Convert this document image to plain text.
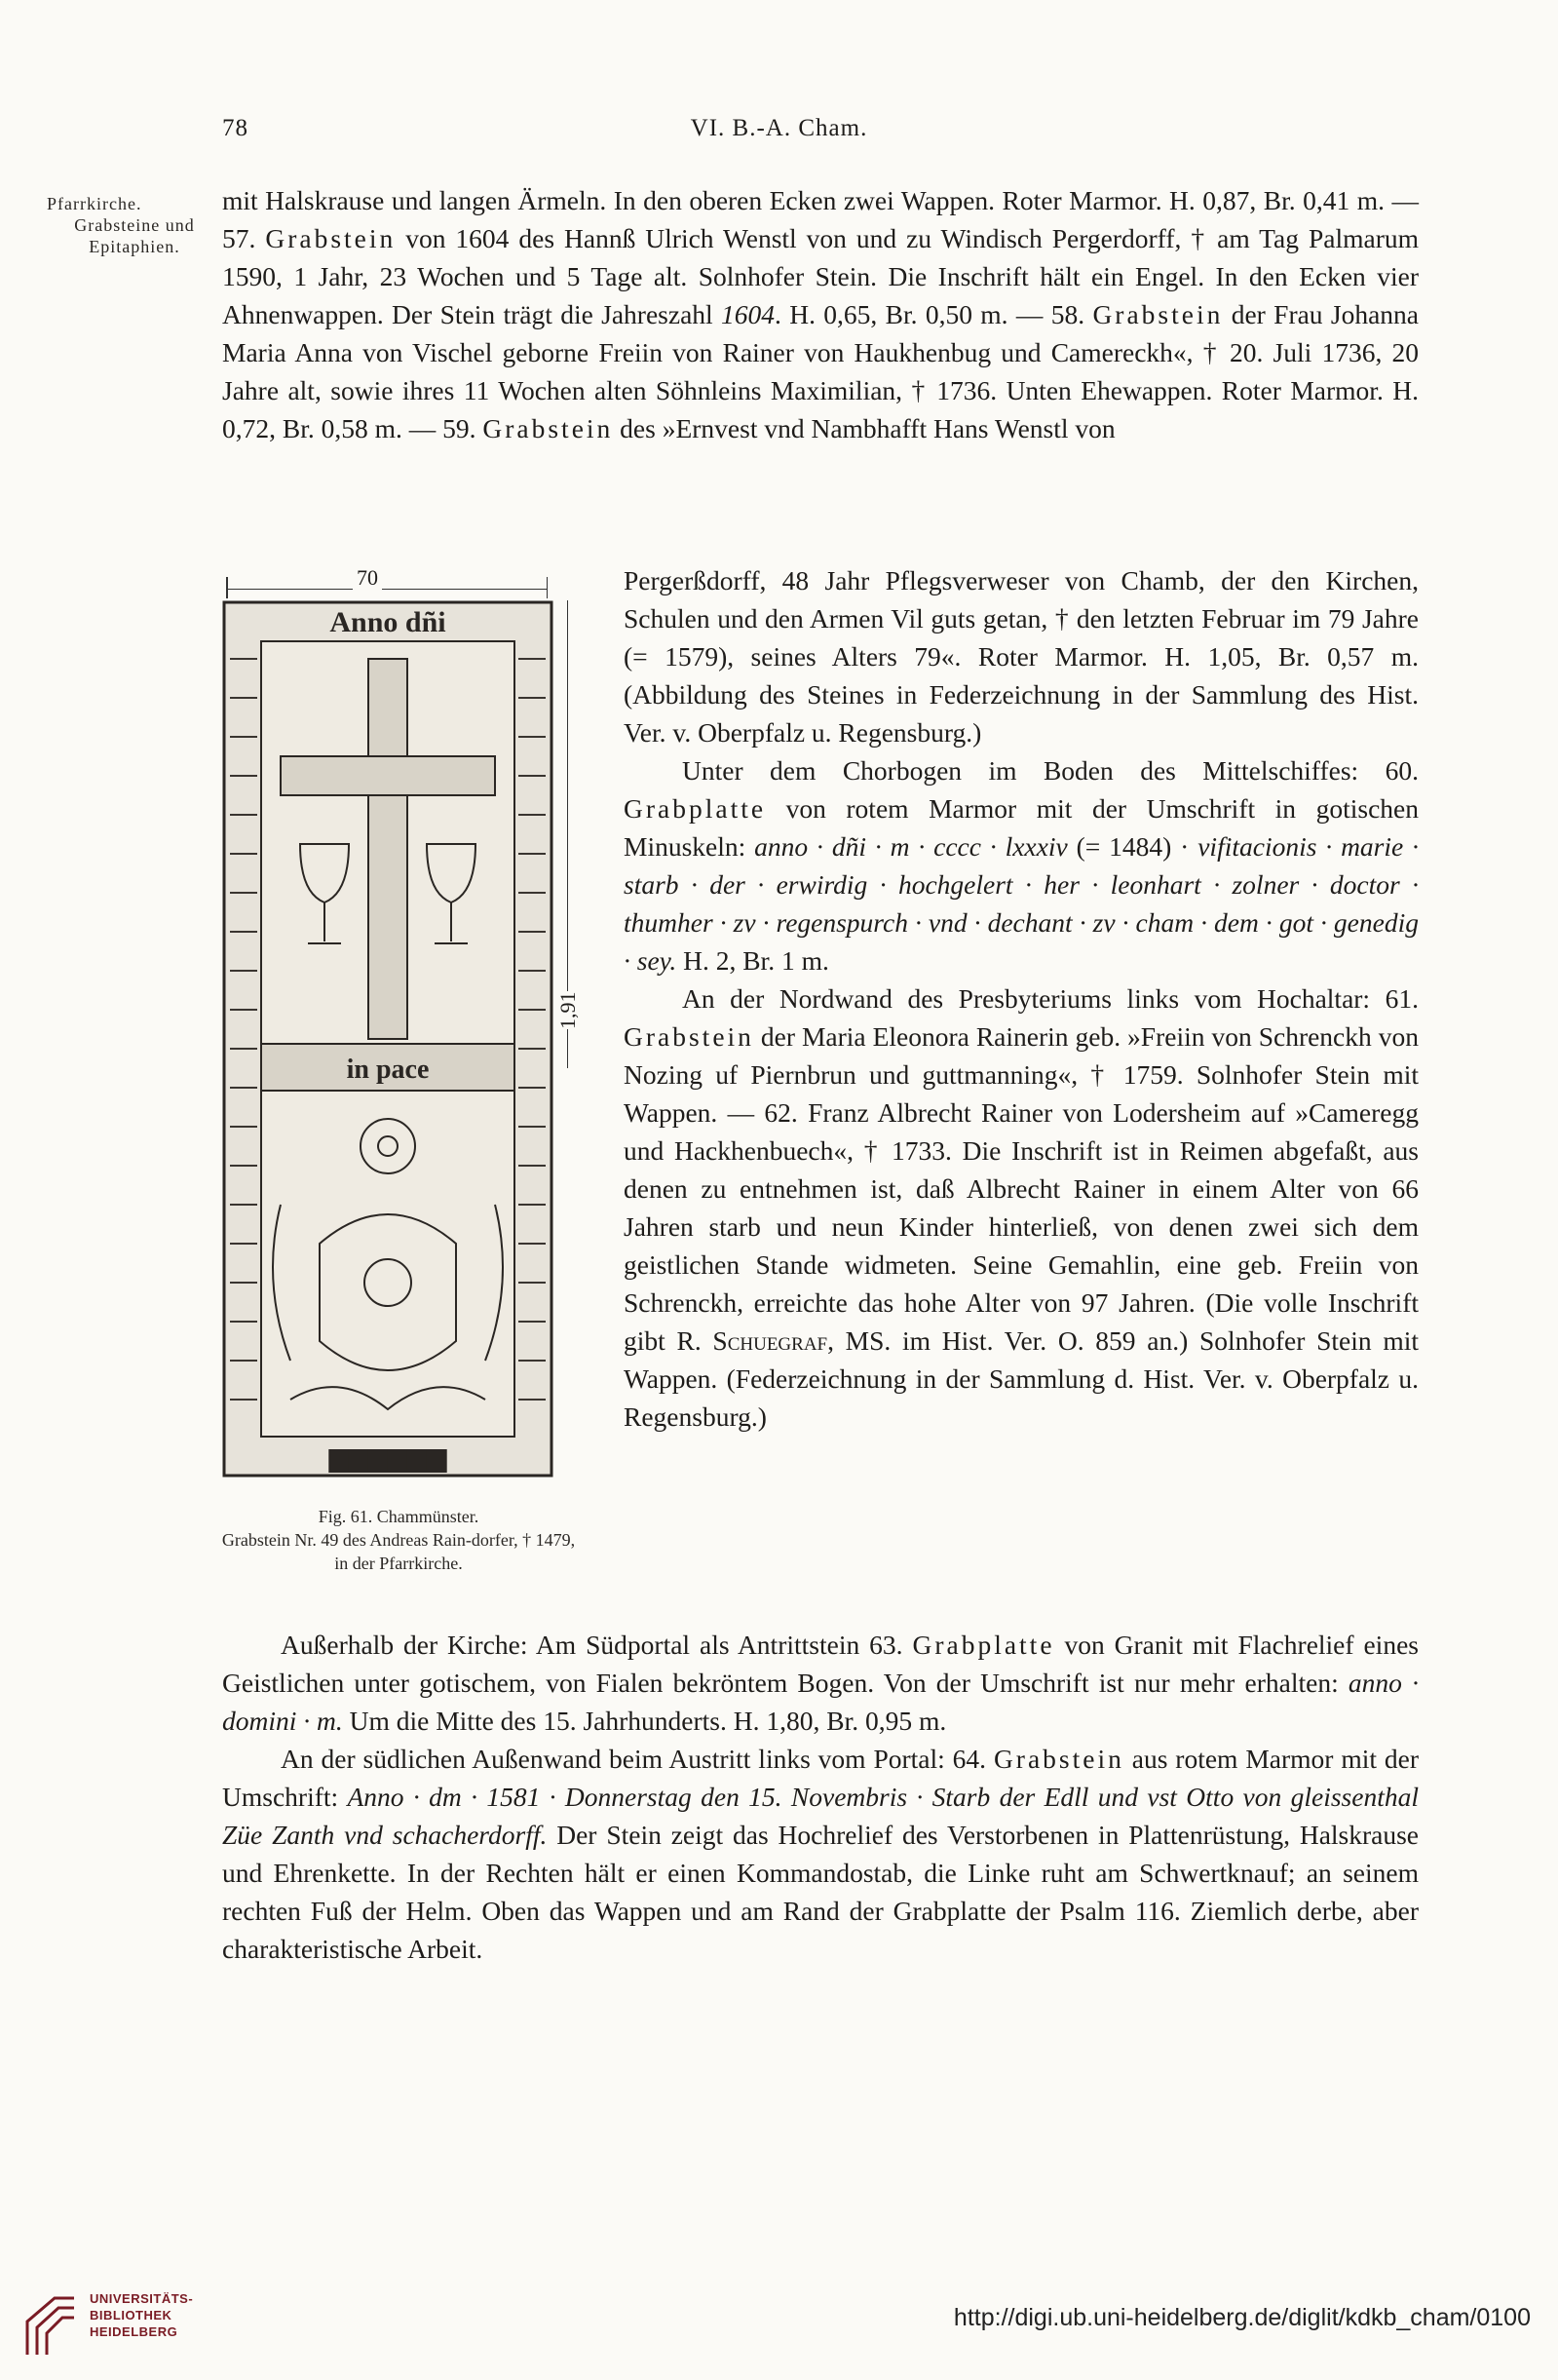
78	VI. B.-A. Cham.
Pfarrkirche.
Grabsteine und Epitaphien.

mit Halskrause und langen Ärmeln. In den oberen Ecken zwei Wappen. Roter Marmor. H. 0,87, Br. 0,41 m. — 57. Grabstein von 1604 des Hannß Ulrich Wenstl von und zu Windisch Pergerdorff, † am Tag Palmarum 1590, 1 Jahr, 23 Wochen und 5 Tage alt. Solnhofer Stein. Die Inschrift hält ein Engel. In den Ecken vier Ahnenwappen. Der Stein trägt die Jahreszahl 1604. H. 0,65, Br. 0,50 m. — 58. Grabstein der Frau Johanna Maria Anna von Vischel geborne Freiin von Rainer von Haukhenbug und Camereckh«, † 20. Juli 1736, 20 Jahre alt, sowie ihres 11 Wochen alten Söhnleins Maximilian, † 1736. Unten Ehewappen. Roter Marmor. H. 0,72, Br. 0,58 m. — 59. Grabstein des »Ernvest vnd Nambhafft Hans Wenstl von

70
1,91
Anno dñi
in pace
▆▆▆▆▆▆
Fig. 61. Chammünster.
Grabstein Nr. 49 des Andreas Rain-dorfer, † 1479, in der Pfarrkirche.

Pergerßdorff, 48 Jahr Pflegsverweser von Chamb, der den Kirchen, Schulen und den Armen Vil guts getan, † den letzten Februar im 79 Jahre (= 1579), seines Alters 79«. Roter Marmor. H. 1,05, Br. 0,57 m. (Abbildung des Steines in Federzeichnung in der Sammlung des Hist. Ver. v. Oberpfalz u. Regensburg.)

Unter dem Chorbogen im Boden des Mittelschiffes: 60. Grabplatte von rotem Marmor mit der Umschrift in gotischen Minuskeln: anno · dñi · m · cccc · lxxxiv (= 1484) · vifitacionis · marie · starb · der · erwirdig · hochgelert · her · leonhart · zolner · doctor · thumher · zv · regenspurch · vnd · dechant · zv · cham · dem · got · genedig · sey. H. 2, Br. 1 m.

An der Nordwand des Presbyteriums links vom Hochaltar: 61. Grabstein der Maria Eleonora Rainerin geb. »Freiin von Schrenckh von Nozing uf Piernbrun und guttmanning«, † 1759. Solnhofer Stein mit Wappen. — 62. Franz Albrecht Rainer von Lodersheim auf »Cameregg und Hackhenbuech«, † 1733. Die Inschrift ist in Reimen abgefaßt, aus denen zu entnehmen ist, daß Albrecht Rainer in einem Alter von 66 Jahren starb und neun Kinder hinterließ, von denen zwei sich dem geistlichen Stande widmeten. Seine Gemahlin, eine geb. Freiin von Schrenckh, erreichte das hohe Alter von 97 Jahren. (Die volle Inschrift gibt R. Schuegraf, MS. im Hist. Ver. O. 859 an.) Solnhofer Stein mit Wappen. (Federzeichnung in der Sammlung d. Hist. Ver. v. Oberpfalz u. Regensburg.)

Außerhalb der Kirche: Am Südportal als Antrittstein 63. Grabplatte von Granit mit Flachrelief eines Geistlichen unter gotischem, von Fialen bekröntem Bogen. Von der Umschrift ist nur mehr erhalten: anno · domini · m. Um die Mitte des 15. Jahrhunderts. H. 1,80, Br. 0,95 m.

An der südlichen Außenwand beim Austritt links vom Portal: 64. Grabstein aus rotem Marmor mit der Umschrift: Anno · dm · 1581 · Donnerstag den 15. Novembris · Starb der Edll und vst Otto von gleissenthal Züe Zanth vnd schacherdorff. Der Stein zeigt das Hochrelief des Verstorbenen in Plattenrüstung, Halskrause und Ehrenkette. In der Rechten hält er einen Kommandostab, die Linke ruht am Schwertknauf; an seinem rechten Fuß der Helm. Oben das Wappen und am Rand der Grabplatte der Psalm 116. Ziemlich derbe, aber charakteristische Arbeit.

UNIVERSITÄTS-
BIBLIOTHEK
HEIDELBERG
http://digi.ub.uni-heidelberg.de/diglit/kdkb_cham/0100
